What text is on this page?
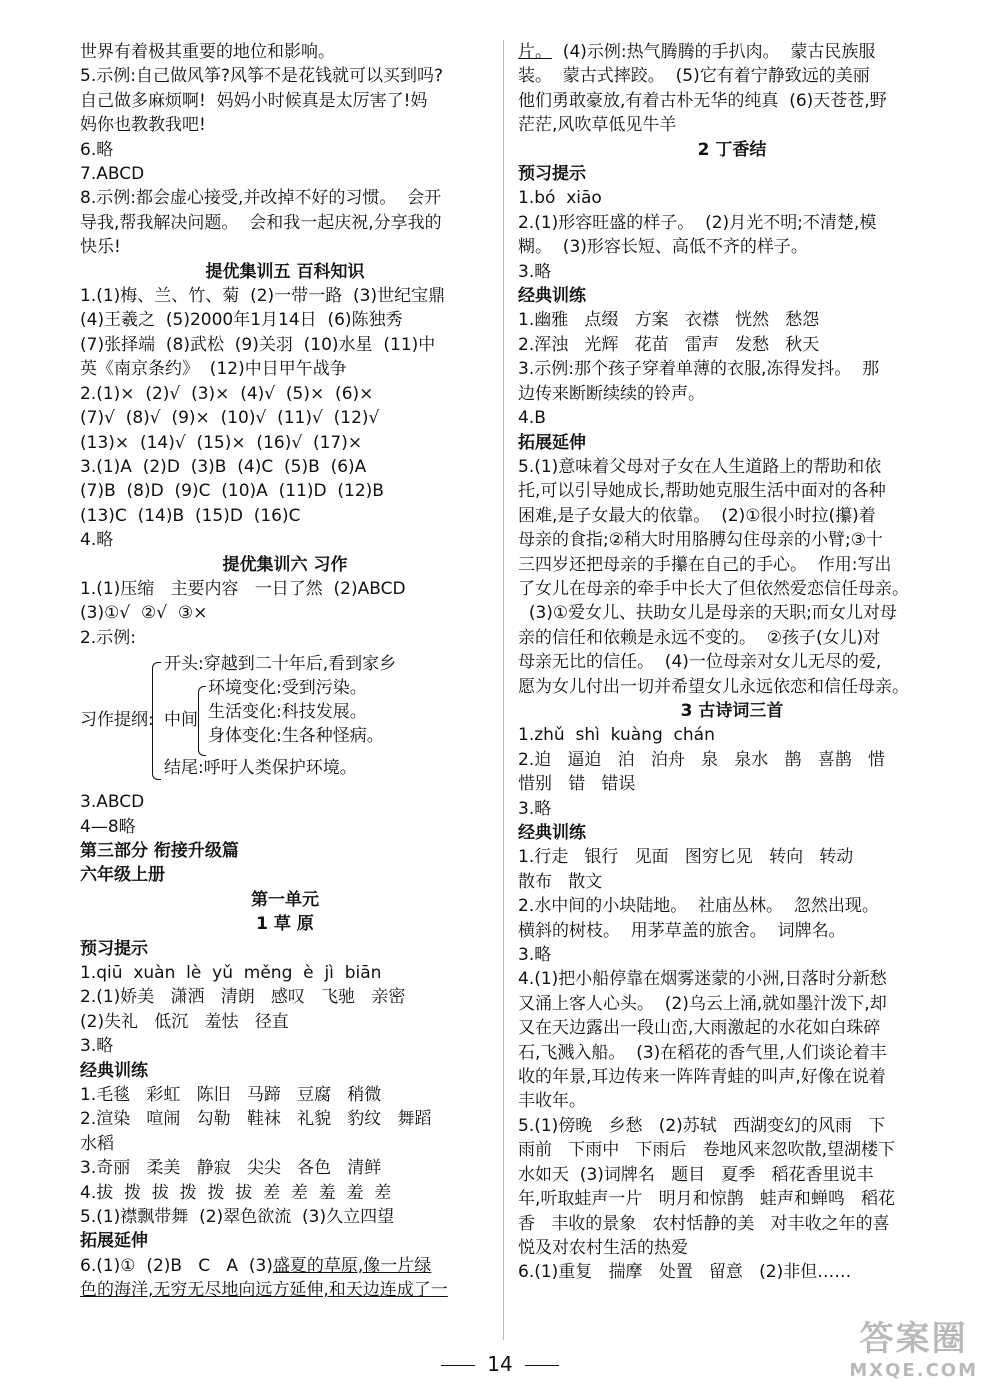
世界有着极其重要的地位和影响。

5.示例:自己做风筝?风筝不是花钱就可以买到吗?

自己做多麻烦啊!  妈妈小时候真是太厉害了!妈

妈你也教教我吧!

6.略

7.ABCD

8.示例:都会虚心接受,并改掉不好的习惯。  会开

导我,帮我解决问题。  会和我一起庆祝,分享我的

快乐!

提优集训五 百科知识

1.(1)梅、兰、竹、菊  (2)一带一路  (3)世纪宝鼎

(4)王羲之  (5)2000年1月14日  (6)陈独秀

(7)张择端  (8)武松  (9)关羽  (10)水星  (11)中

英《南京条约》  (12)中日甲午战争

2.(1)×  (2)√  (3)×  (4)√  (5)×  (6)×

(7)√  (8)√  (9)×  (10)√  (11)√  (12)√

(13)×  (14)√  (15)×  (16)√  (17)×

3.(1)A  (2)D  (3)B  (4)C  (5)B  (6)A

(7)B  (8)D  (9)C  (10)A  (11)D  (12)B

(13)C  (14)B  (15)D  (16)C

4.略

提优集训六 习作

1.(1)压缩   主要内容   一日了然  (2)ABCD

(3)①√  ②√  ③×

2.示例:

习作提纲:
开头:穿越到二十年后,看到家乡
中间
环境变化:受到污染。
生活变化:科技发展。
身体变化:生各种怪病。
结尾:呼吁人类保护环境。

3.ABCD

4—8略

第三部分 衔接升级篇

六年级上册

第一单元

1 草 原

预习提示

1.qiū  xuàn  lè  yǔ  měng  è  jì  biān

2.(1)娇美   潇洒   清朗   感叹   飞驰   亲密

(2)失礼   低沉   羞怯   径直

3.略

经典训练

1.毛毯   彩虹   陈旧   马蹄   豆腐   稍微

2.渲染   喧闹   勾勒   鞋袜   礼貌   豹纹   舞蹈

水稻

3.奇丽   柔美   静寂   尖尖   各色   清鲜

4.拔  拨  拔  拨  拨  拔  差  差  羞  羞  差

5.(1)襟飘带舞  (2)翠色欲流  (3)久立四望

拓展延伸

6.(1)①  (2)B   C   A  (3)盛夏的草原,像一片绿

色的海洋,无穷无尽地向远方延伸,和天边连成了一

片。  (4)示例:热气腾腾的手扒肉。  蒙古民族服

装。  蒙古式摔跤。  (5)它有着宁静致远的美丽

他们勇敢豪放,有着古朴无华的纯真  (6)天苍苍,野

茫茫,风吹草低见牛羊

2 丁香结

预习提示

1.bó  xiāo

2.(1)形容旺盛的样子。  (2)月光不明;不清楚,模

糊。  (3)形容长短、高低不齐的样子。

3.略

经典训练

1.幽雅   点缀   方案   衣襟   恍然   愁怨

2.浑浊   光辉   花苗   雷声   发愁   秋天

3.示例:那个孩子穿着单薄的衣服,冻得发抖。  那

边传来断断续续的铃声。

4.B

拓展延伸

5.(1)意味着父母对子女在人生道路上的帮助和依

托,可以引导她成长,帮助她克服生活中面对的各种

困难,是子女最大的依靠。  (2)①很小时拉(攥)着

母亲的食指;②稍大时用胳膊勾住母亲的小臂;③十

三四岁还把母亲的手攥在自己的手心。  作用:写出

了女儿在母亲的牵手中长大了但依然爱恋信任母亲。

(3)①爱女儿、扶助女儿是母亲的天职;而女儿对母

亲的信任和依赖是永远不变的。  ②孩子(女儿)对

母亲无比的信任。  (4)一位母亲对女儿无尽的爱,

愿为女儿付出一切并希望女儿永远依恋和信任母亲。

3 古诗词三首

1.zhǔ  shì  kuàng  chán

2.迫   逼迫   泊   泊舟   泉   泉水   鹊   喜鹊   惜

惜别   错   错误

3.略

经典训练

1.行走   银行   见面   图穷匕见   转向   转动

散布   散文

2.水中间的小块陆地。  社庙丛林。  忽然出现。

横斜的树枝。  用茅草盖的旅舍。  词牌名。

3.略

4.(1)把小船停靠在烟雾迷蒙的小洲,日落时分新愁

又涌上客人心头。  (2)乌云上涌,就如墨汁泼下,却

又在天边露出一段山峦,大雨激起的水花如白珠碎

石,飞溅入船。  (3)在稻花的香气里,人们谈论着丰

收的年景,耳边传来一阵阵青蛙的叫声,好像在说着

丰收年。

5.(1)傍晚   乡愁   (2)苏轼   西湖变幻的风雨   下

雨前   下雨中   下雨后   卷地风来忽吹散,望湖楼下

水如天  (3)词牌名   题目   夏季   稻花香里说丰

年,听取蛙声一片   明月和惊鹊   蛙声和蝉鸣   稻花

香   丰收的景象   农村恬静的美   对丰收之年的喜

悦及对农村生活的热爱

6.(1)重复   揣摩   处置   留意   (2)非但……

14
答案圈
MXQE.COM
